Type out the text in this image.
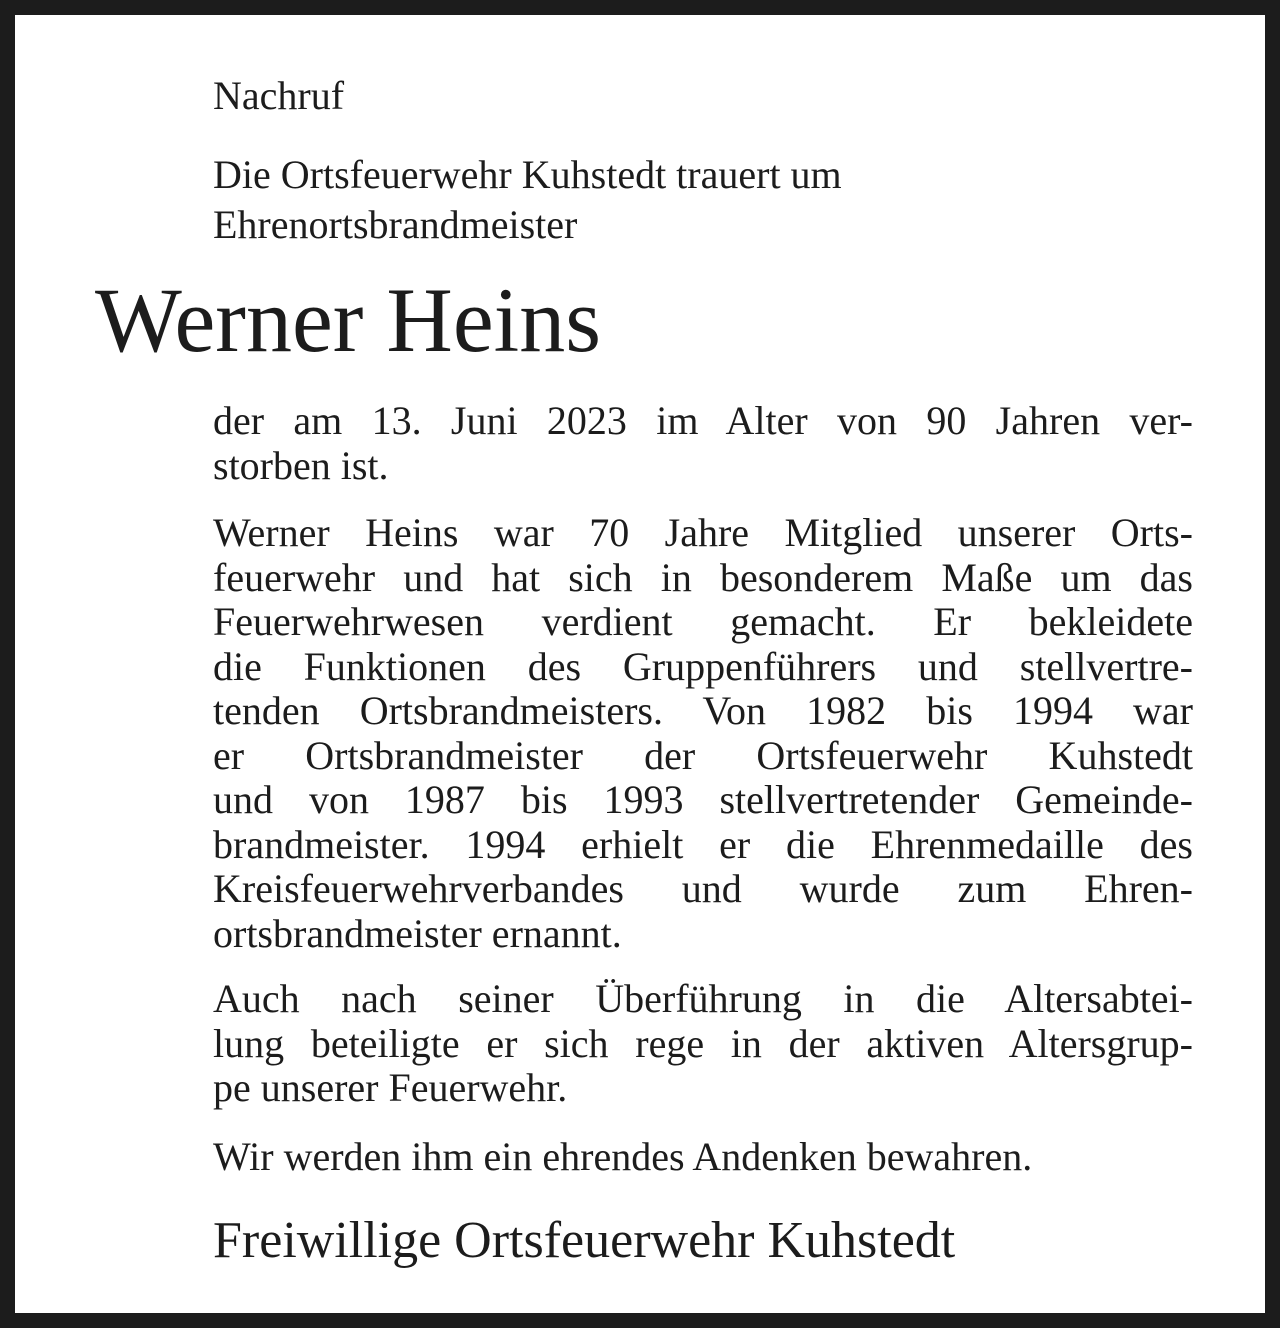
Nachruf

Die Ortsfeuerwehr Kuhstedt trauert um
Ehrenortsbrandmeister
Werner Heins
der am 13. Juni 2023 im Alter von 90 Jahren ver-
storben ist.
Werner Heins war 70 Jahre Mitglied unserer Orts-
feuerwehr und hat sich in besonderem Maße um das
Feuerwehrwesen verdient gemacht. Er bekleidete
die Funktionen des Gruppenführers und stellvertre-
tenden Ortsbrandmeisters. Von 1982 bis 1994 war
er Ortsbrandmeister der Ortsfeuerwehr Kuhstedt
und von 1987 bis 1993 stellvertretender Gemeinde-
brandmeister. 1994 erhielt er die Ehrenmedaille des
Kreisfeuerwehrverbandes und wurde zum Ehren-
ortsbrandmeister ernannt.
Auch nach seiner Überführung in die Altersabtei-
lung beteiligte er sich rege in der aktiven Altersgrup-
pe unserer Feuerwehr.
Wir werden ihm ein ehrendes Andenken bewahren.

Freiwillige Ortsfeuerwehr Kuhstedt
